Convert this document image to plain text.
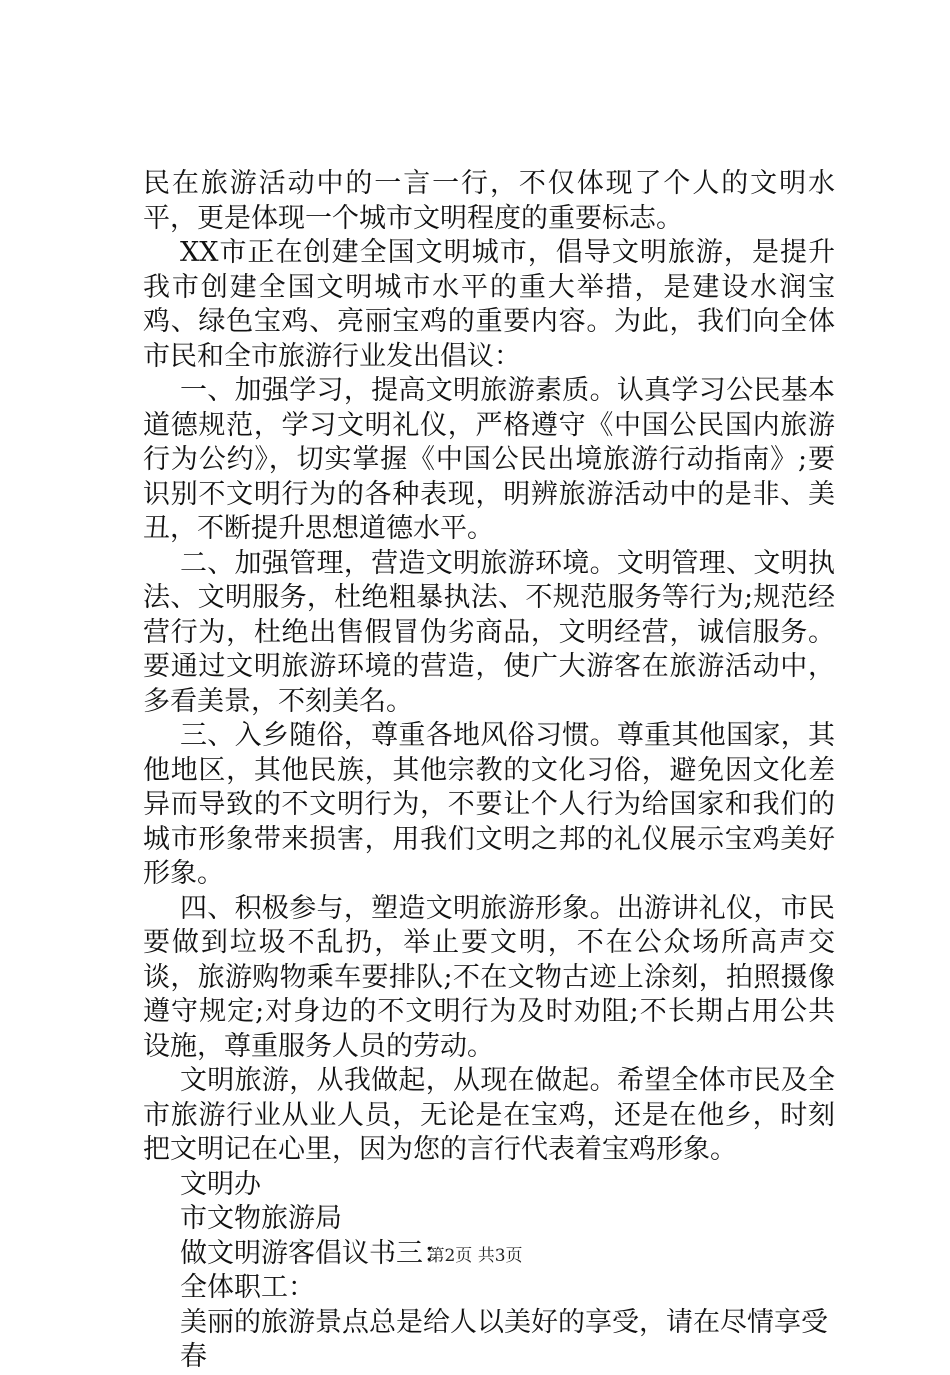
民在旅游活动中的一言一行，不仅体现了个人的文明水平，更是体现一个城市文明程度的重要标志。

XX市正在创建全国文明城市，倡导文明旅游，是提升我市创建全国文明城市水平的重大举措，是建设水润宝鸡、绿色宝鸡、亮丽宝鸡的重要内容。为此，我们向全体市民和全市旅游行业发出倡议：

一、加强学习，提高文明旅游素质。认真学习公民基本道德规范，学习文明礼仪，严格遵守《中国公民国内旅游行为公约》，切实掌握《中国公民出境旅游行动指南》;要识别不文明行为的各种表现，明辨旅游活动中的是非、美丑，不断提升思想道德水平。

二、加强管理，营造文明旅游环境。文明管理、文明执法、文明服务，杜绝粗暴执法、不规范服务等行为;规范经营行为，杜绝出售假冒伪劣商品，文明经营，诚信服务。要通过文明旅游环境的营造，使广大游客在旅游活动中，多看美景，不刻美名。

三、入乡随俗，尊重各地风俗习惯。尊重其他国家，其他地区，其他民族，其他宗教的文化习俗，避免因文化差异而导致的不文明行为，不要让个人行为给国家和我们的城市形象带来损害，用我们文明之邦的礼仪展示宝鸡美好形象。

四、积极参与，塑造文明旅游形象。出游讲礼仪，市民要做到垃圾不乱扔，举止要文明，不在公众场所高声交谈，旅游购物乘车要排队;不在文物古迹上涂刻，拍照摄像遵守规定;对身边的不文明行为及时劝阻;不长期占用公共设施，尊重服务人员的劳动。

文明旅游，从我做起，从现在做起。希望全体市民及全市旅游行业从业人员，无论是在宝鸡，还是在他乡，时刻把文明记在心里，因为您的言行代表着宝鸡形象。

文明办

市文物旅游局

做文明游客倡议书三：

全体职工：

美丽的旅游景点总是给人以美好的享受，请在尽情享受春

第2页 共3页
